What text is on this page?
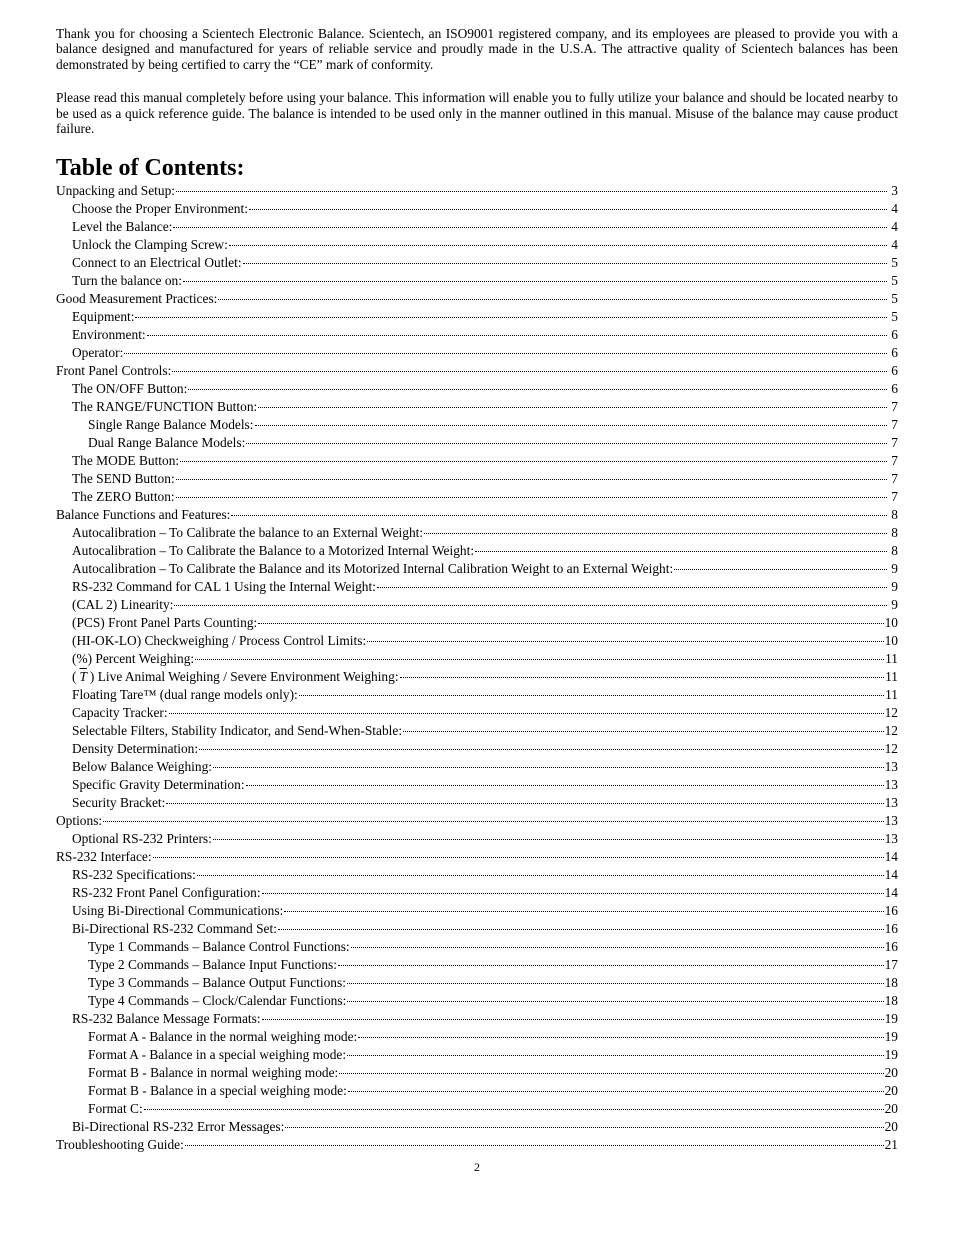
Thank you for choosing a Scientech Electronic Balance. Scientech, an ISO9001 registered company, and its employees are pleased to provide you with a balance designed and manufactured for years of reliable service and proudly made in the U.S.A. The attractive quality of Scientech balances has been demonstrated by being certified to carry the “CE” mark of conformity.

Please read this manual completely before using your balance. This information will enable you to fully utilize your balance and should be located nearby to be used as a quick reference guide. The balance is intended to be used only in the manner outlined in this manual. Misuse of the balance may cause product failure.

Table of Contents:
Unpacking and Setup:	3
Choose the Proper Environment:	4
Level the Balance:	4
Unlock the Clamping Screw:	4
Connect to an Electrical Outlet:	5
Turn the balance on:	5
Good Measurement Practices:	5
Equipment:	5
Environment:	6
Operator:	6
Front Panel Controls:	6
The ON/OFF Button:	6
The RANGE/FUNCTION Button:	7
Single Range Balance Models:	7
Dual Range Balance Models:	7
The MODE Button:	7
The SEND Button:	7
The ZERO Button:	7
Balance Functions and Features:	8
Autocalibration – To Calibrate the balance to an External Weight:	8
Autocalibration – To Calibrate the Balance to a Motorized Internal Weight:	8
Autocalibration – To Calibrate the Balance and its Motorized Internal Calibration Weight to an External Weight:	9
RS-232 Command for CAL 1 Using the Internal Weight:	9
(CAL 2) Linearity:	9
(PCS) Front Panel Parts Counting:	10
(HI-OK-LO) Checkweighing / Process Control Limits:	10
(%) Percent Weighing:	11
( $\overline{T}$ ) Live Animal Weighing / Severe Environment Weighing:	11
Floating Tare™ (dual range models only):	11
Capacity Tracker:	12
Selectable Filters, Stability Indicator, and Send-When-Stable:	12
Density Determination:	12
Below Balance Weighing:	13
Specific Gravity Determination:	13
Security Bracket:	13
Options:	13
Optional RS-232 Printers:	13
RS-232 Interface:	14
RS-232 Specifications:	14
RS-232 Front Panel Configuration:	14
Using Bi-Directional Communications:	16
Bi-Directional RS-232 Command Set:	16
Type 1 Commands – Balance Control Functions:	16
Type 2 Commands – Balance Input Functions:	17
Type 3 Commands – Balance Output Functions:	18
Type 4 Commands – Clock/Calendar Functions:	18
RS-232 Balance Message Formats:	19
Format A - Balance in the normal weighing mode:	19
Format A - Balance in a special weighing mode:	19
Format B - Balance in normal weighing mode:	20
Format B - Balance in a special weighing mode:	20
Format C:	20
Bi-Directional RS-232 Error Messages:	20
Troubleshooting Guide:	21
2
